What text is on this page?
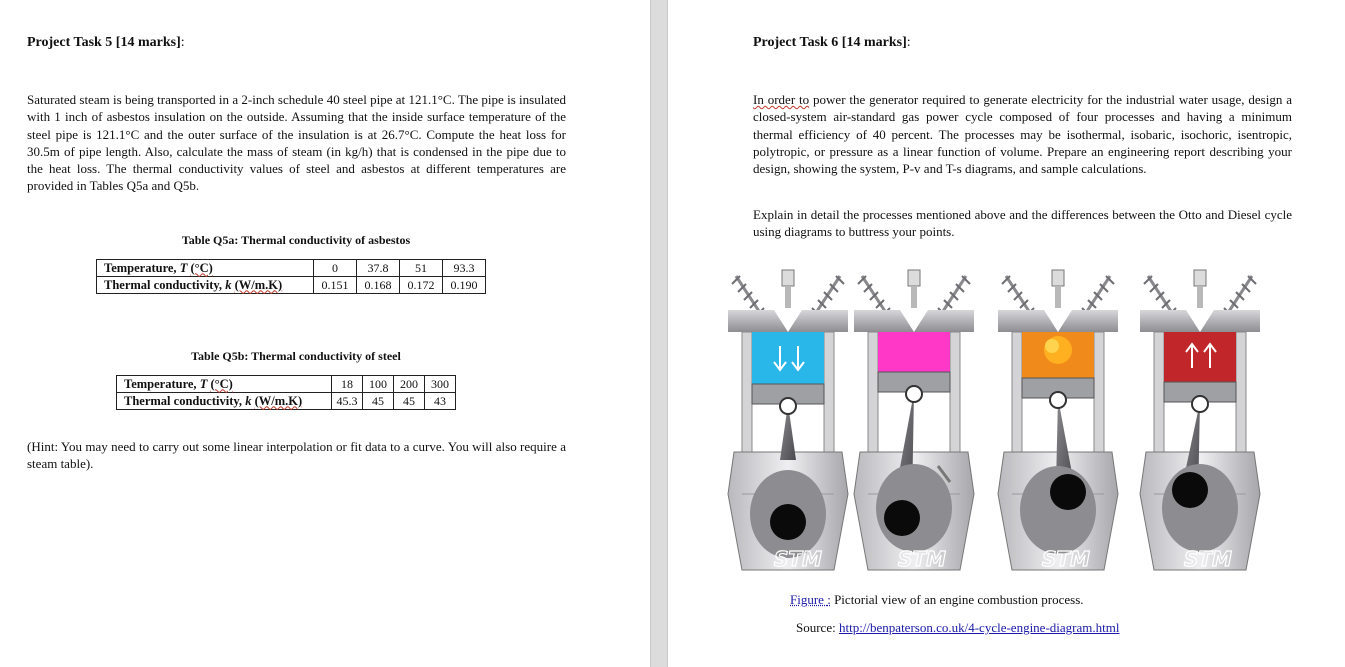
Project Task 5 [14 marks]:
Saturated steam is being transported in a 2-inch schedule 40 steel pipe at 121.1°C. The pipe is insulated with 1 inch of asbestos insulation on the outside. Assuming that the inside surface temperature of the steel pipe is 121.1°C and the outer surface of the insulation is at 26.7°C. Compute the heat loss for 30.5m of pipe length. Also, calculate the mass of steam (in kg/h) that is condensed in the pipe due to the heat loss. The thermal conductivity values of steel and asbestos at different temperatures are provided in Tables Q5a and Q5b.
Table Q5a: Thermal conductivity of asbestos
Temperature, T (°C)	0	37.8	51	93.3
Thermal conductivity, k (W/m.K)	0.151	0.168	0.172	0.190
Table Q5b: Thermal conductivity of steel
Temperature, T (°C)	18	100	200	300
Thermal conductivity, k (W/m.K)	45.3	45	45	43
(Hint: You may need to carry out some linear interpolation or fit data to a curve. You will also require a steam table).
Project Task 6 [14 marks]:
In order to power the generator required to generate electricity for the industrial water usage, design a closed-system air-standard gas power cycle composed of four processes and having a minimum thermal efficiency of 40 percent. The processes may be isothermal, isobaric, isochoric, isentropic, polytropic, or pressure as a linear function of volume. Prepare an engineering report describing your design, showing the system, P-v and T-s diagrams, and sample calculations.
Explain in detail the processes mentioned above and the differences between the Otto and Diesel cycle using diagrams to buttress your points.
STM	STM	STM	STM
Figure : Pictorial view of an engine combustion process.
Source: http://benpaterson.co.uk/4-cycle-engine-diagram.html
